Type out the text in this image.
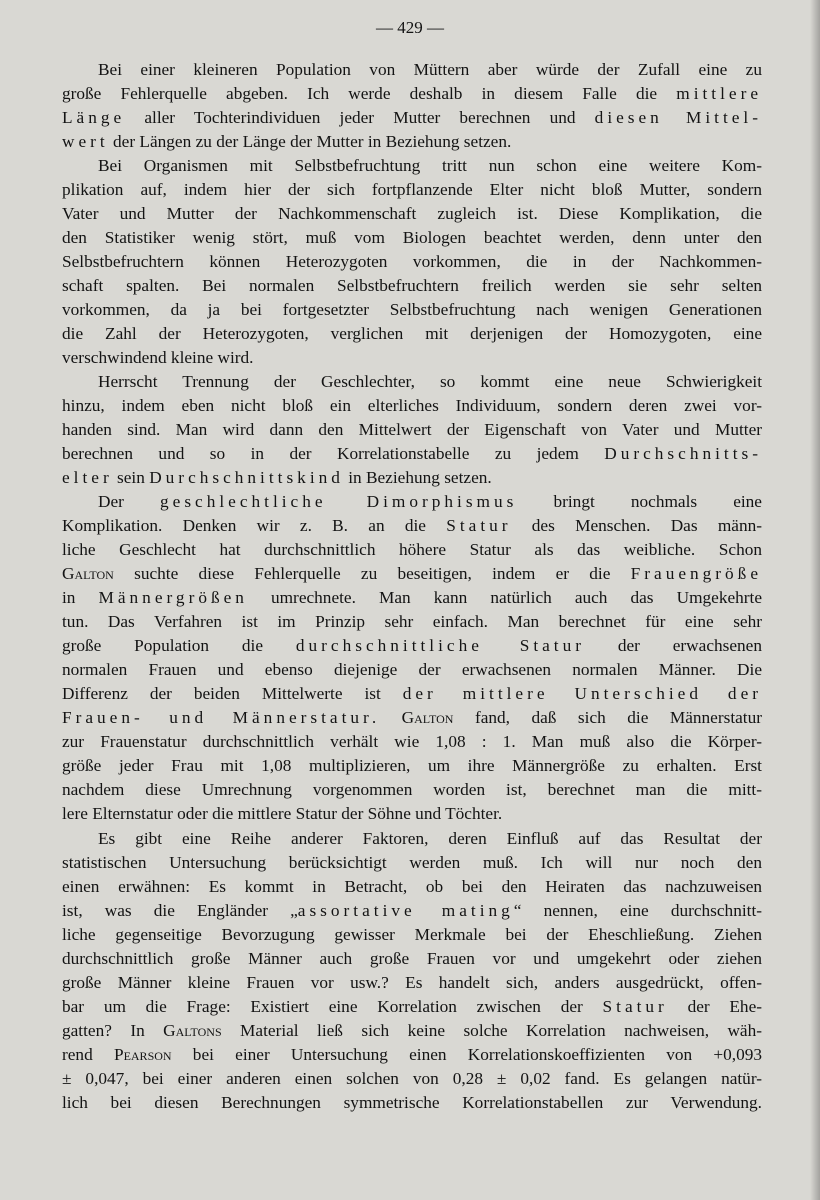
— 429 —
Bei einer kleineren Population von Müttern aber würde der Zufall eine zu
große Fehlerquelle abgeben. Ich werde deshalb in diesem Falle die mittlere
Länge aller Tochterindividuen jeder Mutter berechnen und diesen Mittel-
wert der Längen zu der Länge der Mutter in Beziehung setzen.
Bei Organismen mit Selbstbefruchtung tritt nun schon eine weitere Kom-
plikation auf, indem hier der sich fortpflanzende Elter nicht bloß Mutter, sondern
Vater und Mutter der Nachkommenschaft zugleich ist. Diese Komplikation, die
den Statistiker wenig stört, muß vom Biologen beachtet werden, denn unter den
Selbstbefruchtern können Heterozygoten vorkommen, die in der Nachkommen-
schaft spalten. Bei normalen Selbstbefruchtern freilich werden sie sehr selten
vorkommen, da ja bei fortgesetzter Selbstbefruchtung nach wenigen Generationen
die Zahl der Heterozygoten, verglichen mit derjenigen der Homozygoten, eine
verschwindend kleine wird.
Herrscht Trennung der Geschlechter, so kommt eine neue Schwierigkeit
hinzu, indem eben nicht bloß ein elterliches Individuum, sondern deren zwei vor-
handen sind. Man wird dann den Mittelwert der Eigenschaft von Vater und Mutter
berechnen und so in der Korrelationstabelle zu jedem Durchschnitts-
elter sein Durchschnittskind in Beziehung setzen.
Der geschlechtliche Dimorphismus bringt nochmals eine
Komplikation. Denken wir z. B. an die Statur des Menschen. Das männ-
liche Geschlecht hat durchschnittlich höhere Statur als das weibliche. Schon
Galton suchte diese Fehlerquelle zu beseitigen, indem er die Frauengröße
in Männergrößen umrechnete. Man kann natürlich auch das Umgekehrte
tun. Das Verfahren ist im Prinzip sehr einfach. Man berechnet für eine sehr
große Population die durchschnittliche Statur der erwachsenen
normalen Frauen und ebenso diejenige der erwachsenen normalen Männer. Die
Differenz der beiden Mittelwerte ist der mittlere Unterschied der
Frauen- und Männerstatur. Galton fand, daß sich die Männerstatur
zur Frauenstatur durchschnittlich verhält wie 1,08 : 1. Man muß also die Körper-
größe jeder Frau mit 1,08 multiplizieren, um ihre Männergröße zu erhalten. Erst
nachdem diese Umrechnung vorgenommen worden ist, berechnet man die mitt-
lere Elternstatur oder die mittlere Statur der Söhne und Töchter.
Es gibt eine Reihe anderer Faktoren, deren Einfluß auf das Resultat der
statistischen Untersuchung berücksichtigt werden muß. Ich will nur noch den
einen erwähnen: Es kommt in Betracht, ob bei den Heiraten das nachzuweisen
ist, was die Engländer „assortative mating“ nennen, eine durchschnitt-
liche gegenseitige Bevorzugung gewisser Merkmale bei der Eheschließung. Ziehen
durchschnittlich große Männer auch große Frauen vor und umgekehrt oder ziehen
große Männer kleine Frauen vor usw.? Es handelt sich, anders ausgedrückt, offen-
bar um die Frage: Existiert eine Korrelation zwischen der Statur der Ehe-
gatten? In Galtons Material ließ sich keine solche Korrelation nachweisen, wäh-
rend Pearson bei einer Untersuchung einen Korrelationskoeffizienten von +0,093
± 0,047, bei einer anderen einen solchen von 0,28 ± 0,02 fand. Es gelangen natür-
lich bei diesen Berechnungen symmetrische Korrelationstabellen zur Verwendung.
